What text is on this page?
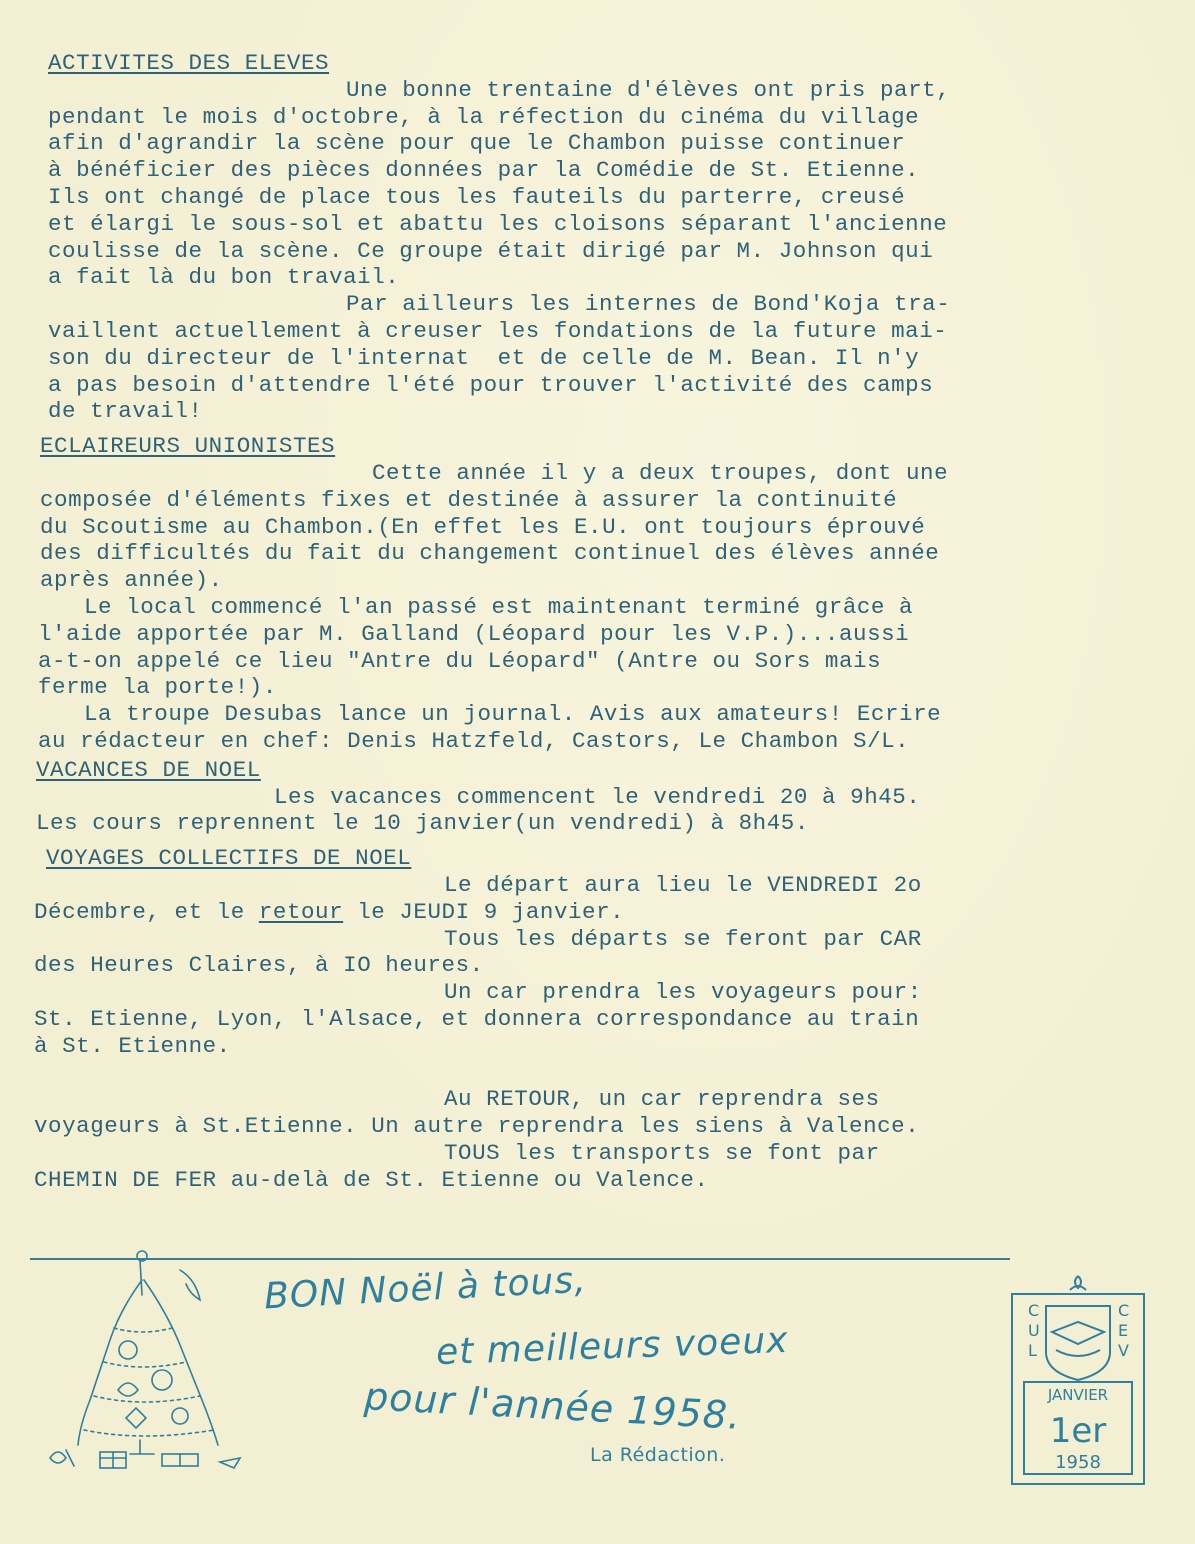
ACTIVITES DES ELEVES
Une bonne trentaine d'élèves ont pris part,
pendant le mois d'octobre, à la réfection du cinéma du village
afin d'agrandir la scène pour que le Chambon puisse continuer
à bénéficier des pièces données par la Comédie de St. Etienne.
Ils ont changé de place tous les fauteils du parterre, creusé
et élargi le sous-sol et abattu les cloisons séparant l'ancienne
coulisse de la scène. Ce groupe était dirigé par M. Johnson qui
a fait là du bon travail.
Par ailleurs les internes de Bond'Koja tra-
vaillent actuellement à creuser les fondations de la future mai-
son du directeur de l'internat  et de celle de M. Bean. Il n'y
a pas besoin d'attendre l'été pour trouver l'activité des camps
de travail!
ECLAIREURS UNIONISTES
Cette année il y a deux troupes, dont une
composée d'éléments fixes et destinée à assurer la continuité
du Scoutisme au Chambon.(En effet les E.U. ont toujours éprouvé
des difficultés du fait du changement continuel des élèves année
après année).
Le local commencé l'an passé est maintenant terminé grâce à
l'aide apportée par M. Galland (Léopard pour les V.P.)...aussi
a-t-on appelé ce lieu "Antre du Léopard" (Antre ou Sors mais
ferme la porte!).
La troupe Desubas lance un journal. Avis aux amateurs! Ecrire
au rédacteur en chef: Denis Hatzfeld, Castors, Le Chambon S/L.
VACANCES DE NOEL
Les vacances commencent le vendredi 20 à 9h45.
Les cours reprennent le 10 janvier(un vendredi) à 8h45.
VOYAGES COLLECTIFS DE NOEL
Le départ aura lieu le VENDREDI 2o
Décembre, et le retour le JEUDI 9 janvier.
Tous les départs se feront par CAR
des Heures Claires, à IO heures.
Un car prendra les voyageurs pour:
St. Etienne, Lyon, l'Alsace, et donnera correspondance au train
à St. Etienne.

Au RETOUR, un car reprendra ses
voyageurs à St.Etienne. Un autre reprendra les siens à Valence.
TOUS les transports se font par
CHEMIN DE FER au-delà de St. Etienne ou Valence.
BON Noël à tous,
et meilleurs voeux
pour l'année 1958.
La Rédaction.
C
U
L
C
E
V
JANVIER
1er
1958
